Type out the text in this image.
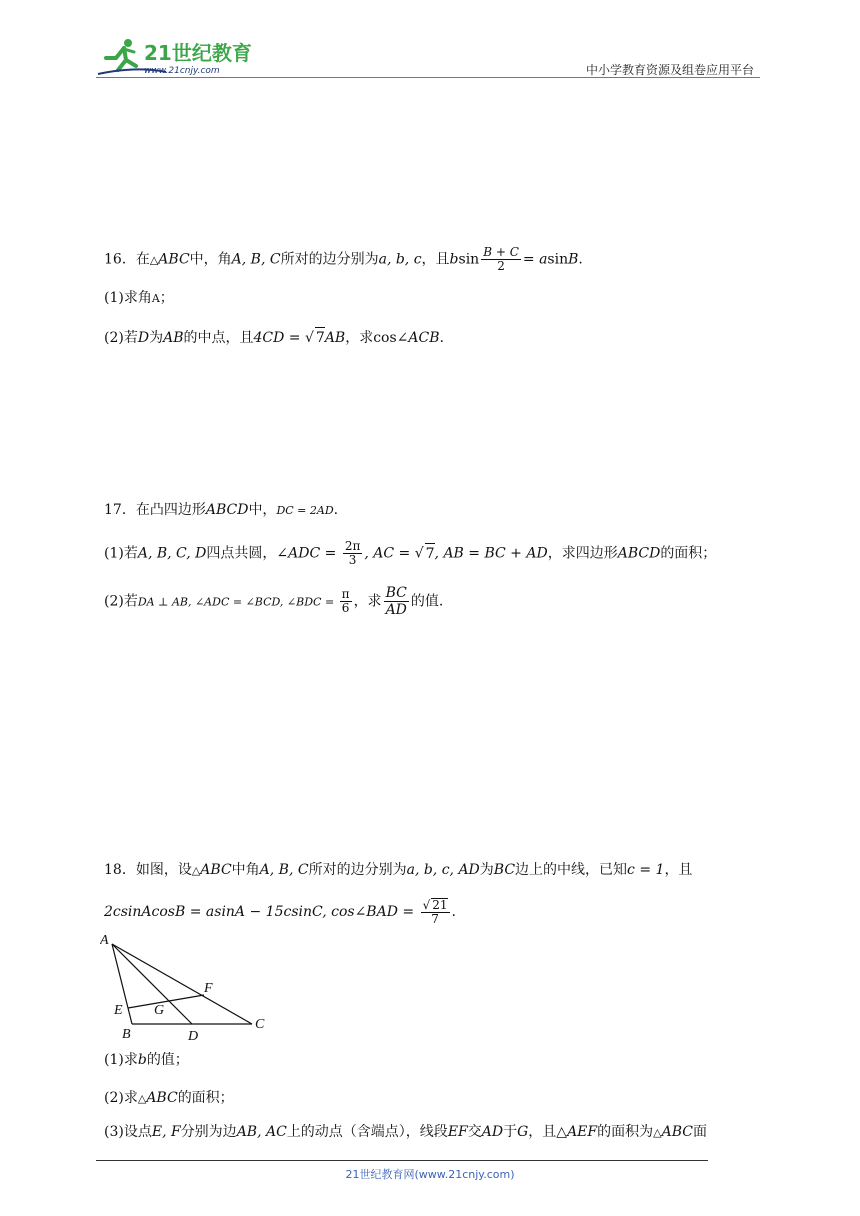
21世纪教育
www.21cnjy.com	中小学教育资源及组卷应用平台
16．在△ABC中，角A, B, C所对的边分别为a, b, c，且bsin $\frac{B + C}{2} = asinB$.
(1)求角A；
(2)若D为AB的中点，且4CD = √ 7AB，求cos∠ACB.
17．在凸四边形ABCD中，DC = 2AD.
(1)若A, B, C, D四点共圆，∠ADC = $\frac{2\pi}{3}$ , AC = √ 7, AB = BC + AD，求四边形ABCD的面积；
(2)若DA ⊥ AB, ∠ADC = ∠BCD, ∠BDC = $\frac{\pi}{6}$ ，求 $\frac{BC}{AD}$ 的值.
18．如图，设△ABC中角A, B, C所对的边分别为a, b, c, AD为BC边上的中线，已知c = 1，且
2csinAcosB = asinA − 15csinC, cos∠BAD = $\frac{√ 21}{7}$ .
A
B
C
D
E
F
G
(1)求b的值；
(2)求△ABC的面积；
(3)设点E, F分别为边AB, AC上的动点（含端点），线段EF交AD于G，且△AEF的面积为△ABC面
21世纪教育网(www.21cnjy.com)
